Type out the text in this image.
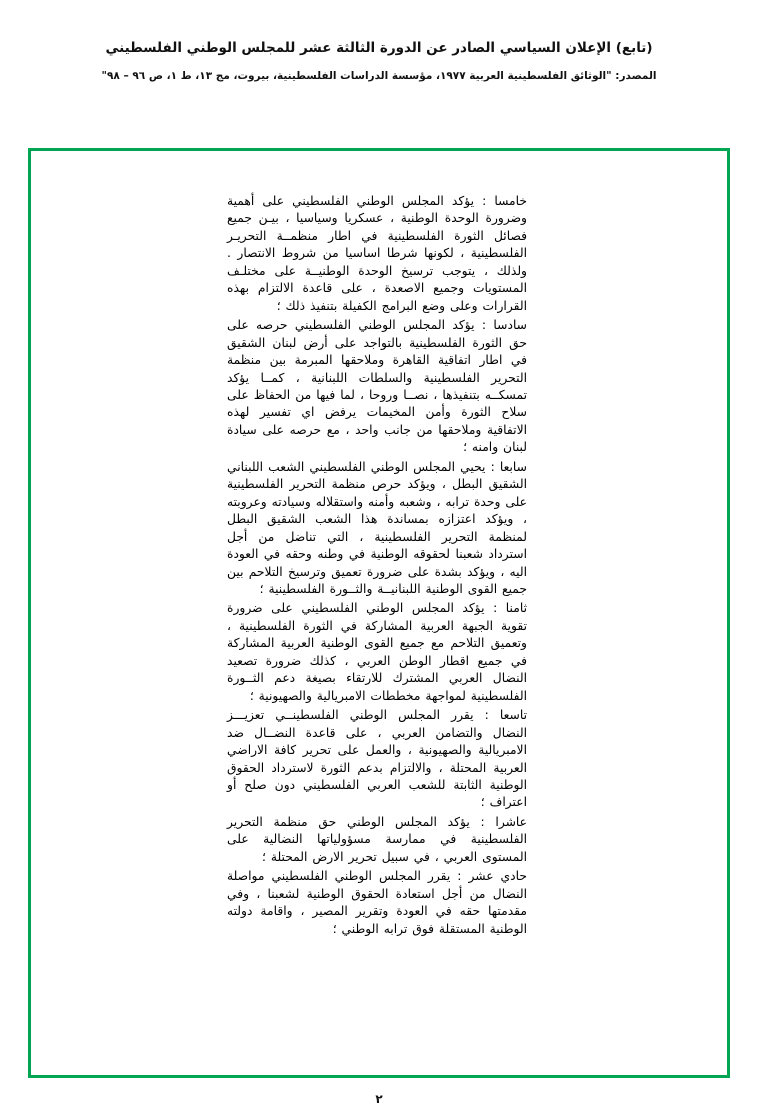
(تابع) الإعلان السياسي الصادر عن الدورة الثالثة عشر للمجلس الوطني الفلسطيني
المصدر: "الوثائق الفلسطينية العربية ١٩٧٧، مؤسسة الدراسات الفلسطينية، بيروت، مج ١٣، ط ١، ص ٩٦ – ٩٨"

خامسا : يؤكد المجلس الوطني الفلسطيني على أهمية وضرورة الوحدة الوطنية ، عسكريا وسياسيا ، بيـن جميع فصائل الثورة الفلسطينية في اطار منظمــة التحريـر الفلسطينية ، لكونها شرطا اساسيا من شروط الانتصار . ولذلك ، يتوجب ترسيخ الوحدة الوطنيــة على مختلـف المستويات وجميع الاصعدة ، على قاعدة الالتزام بهذه القرارات وعلى وضع البرامج الكفيلة بتنفيذ ذلك ؛

سادسا : يؤكد المجلس الوطني الفلسطيني حرصه على حق الثورة الفلسطينية بالتواجد على أرض لبنان الشقيق في اطار اتفاقية القاهرة وملاحقها المبرمة بين منظمة التحرير الفلسطينية والسلطات اللبنانية ، كمــا يؤكد تمسكــه بتنفيذها ، نصــا وروحا ، لما فيها من الحفاظ على سلاح الثورة وأمن المخيمات يرفض اي تفسير لهذه الاتفاقية وملاحقها من جانب واحد ، مع حرصه على سيادة لبنان وامنه ؛

سابعا : يحيي المجلس الوطني الفلسطيني الشعب اللبناني الشقيق البطل ، ويؤكد حرص منظمة التحرير الفلسطينية على وحدة ترابه ، وشعبه وأمنه واستقلاله وسيادته وعروبته ، ويؤكد اعتزازه بمساندة هذا الشعب الشقيق البطل لمنظمة التحرير الفلسطينية ، التي تناضل من أجل استرداد شعبنا لحقوقه الوطنية في وطنه وحقه في العودة اليه ، ويؤكد بشدة على ضرورة تعميق وترسيخ التلاحم بين جميع القوى الوطنية اللبنانيــة والثــورة الفلسطينية ؛

ثامنا : يؤكد المجلس الوطني الفلسطيني على ضرورة تقوية الجبهة العربية المشاركة في الثورة الفلسطينية ، وتعميق التلاحم مع جميع القوى الوطنية العربية المشاركة في جميع اقطار الوطن العربي ، كذلك ضرورة تصعيد النضال العربي المشترك للارتقاء بصيغة دعم الثــورة الفلسطينية لمواجهة مخططات الامبريالية والصهيونية ؛

تاسعا : يقرر المجلس الوطني الفلسطينــي تعزيـــز النضال والتضامن العربي ، على قاعدة النضــال ضد الامبريالية والصهيونية ، والعمل على تحرير كافة الاراضي العربية المحتلة ، والالتزام بدعم الثورة لاسترداد الحقوق الوطنية الثابتة للشعب العربي الفلسطيني دون صلح أو اعتراف ؛

عاشرا : يؤكد المجلس الوطني حق منظمة التحرير الفلسطينية في ممارسة مسؤولياتها النضالية على المستوى العربي ، في سبيل تحرير الارض المحتلة ؛

حادي عشر : يقرر المجلس الوطني الفلسطيني مواصلة النضال من أجل استعادة الحقوق الوطنية لشعبنا ، وفي مقدمتها حقه في العودة وتقرير المصير ، واقامة دولته الوطنية المستقلة فوق ترابه الوطني ؛

٢
